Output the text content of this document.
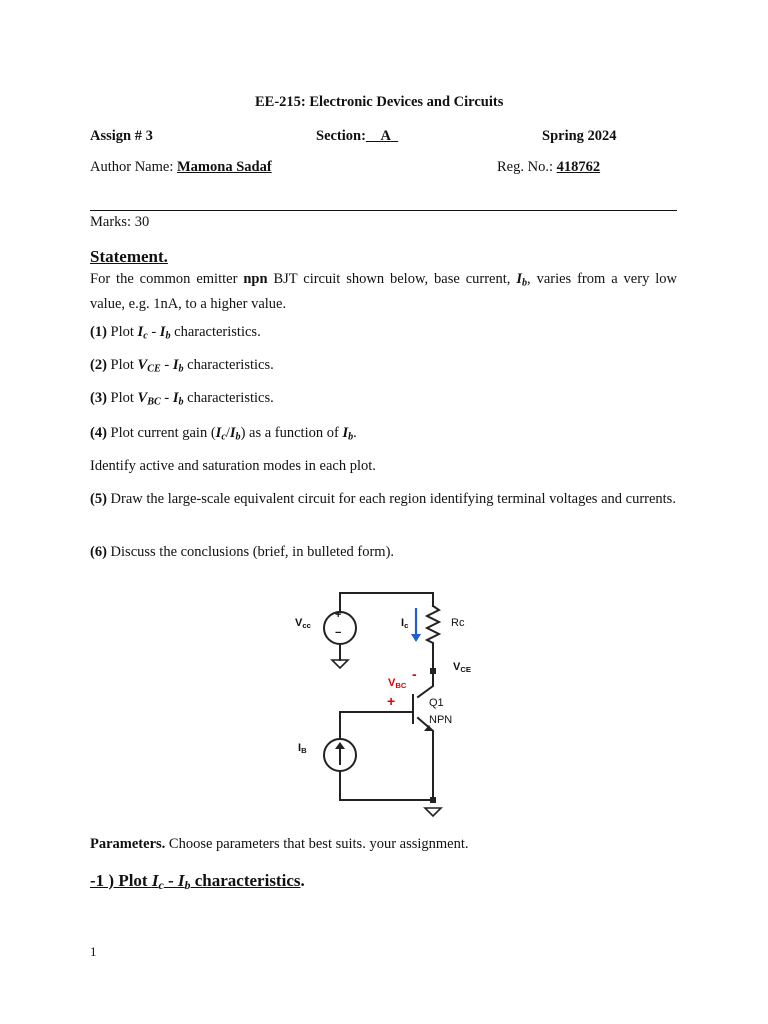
EE-215: Electronic Devices and Circuits
Assign # 3	Section: A	Spring 2024
Author Name: Mamona Sadaf	Reg. No.: 418762
Marks: 30
Statement.
For the common emitter npn BJT circuit shown below, base current, $I_b$, varies from a very low value, e.g. 1nA, to a higher value.
(1) Plot $I_c - I_b$ characteristics.
(2) Plot $V_{CE} - I_b$ characteristics.
(3) Plot $V_{BC} - I_b$ characteristics.
(4) Plot current gain $(I_c/I_b)$ as a function of $I_b$.
Identify active and saturation modes in each plot.
(5) Draw the large-scale equivalent circuit for each region identifying terminal voltages and currents.
(6) Discuss the conclusions (brief, in bulleted form).
$V_{cc}$
+
−
$I_c$	Rc
$V_{CE}$
$V_{BC}$
-
+	Q1
NPN
$I_B$
Parameters. Choose parameters that best suits. your assignment.
-1 ) Plot $I_c - I_b$ characteristics.
1
